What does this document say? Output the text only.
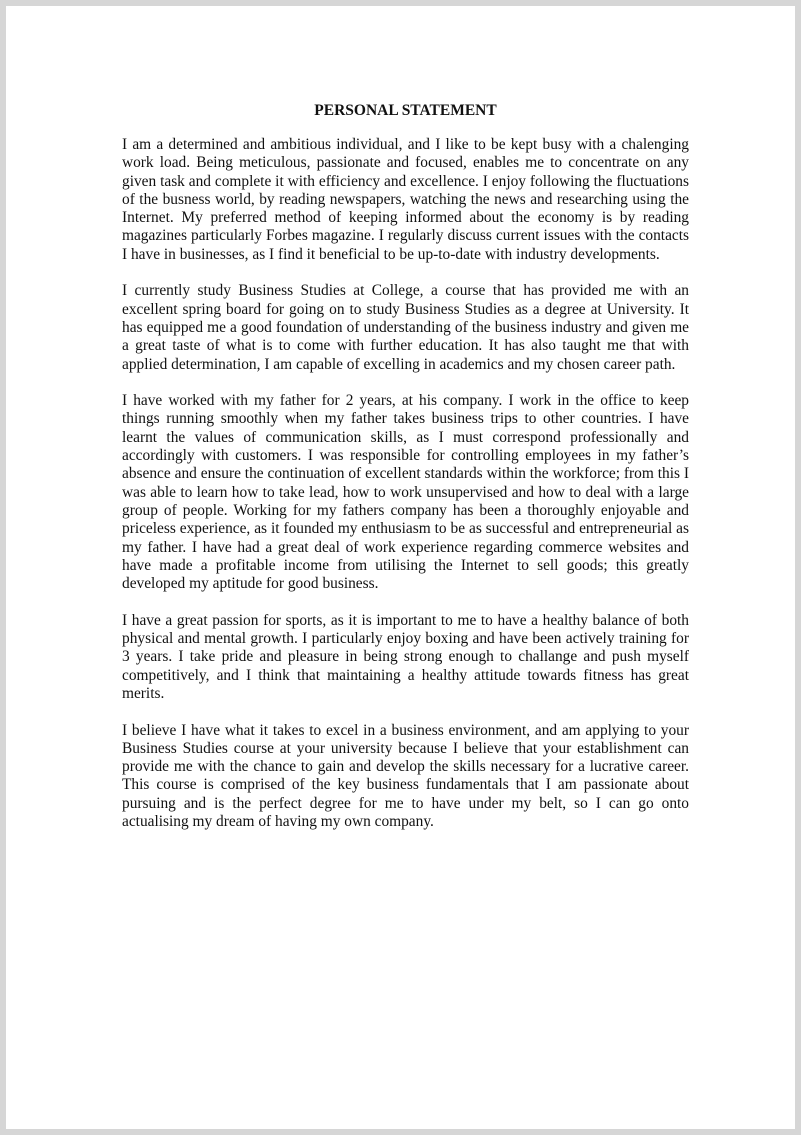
PERSONAL STATEMENT

I am a determined and ambitious individual, and I like to be kept busy with a chalenging work load. Being meticulous, passionate and focused, enables me to concentrate on any given task and complete it with efficiency and excellence. I enjoy following the fluctuations of the busness world, by reading newspapers, watching the news and researching using the Internet. My preferred method of keeping informed about the economy is by reading magazines particularly Forbes magazine. I regularly discuss current issues with the contacts I have in businesses, as I find it beneficial to be up-to-date with industry developments.

I currently study Business Studies at College, a course that has provided me with an excellent spring board for going on to study Business Studies as a degree at University. It has equipped me a good foundation of understanding of the business industry and given me a great taste of what is to come with further education. It has also taught me that with applied determination, I am capable of excelling in academics and my chosen career path.

I have worked with my father for 2 years, at his company. I work in the office to keep things running smoothly when my father takes business trips to other countries. I have learnt the values of communication skills, as I must correspond professionally and accordingly with customers. I was responsible for controlling employees in my father’s absence and ensure the continuation of excellent standards within the workforce; from this I was able to learn how to take lead, how to work unsupervised and how to deal with a large group of people. Working for my fathers company has been a thoroughly enjoyable and priceless experience, as it founded my enthusiasm to be as successful and entrepreneurial as my father. I have had a great deal of work experience regarding commerce websites and have made a profitable income from utilising the Internet to sell goods; this greatly developed my aptitude for good business.

I have a great passion for sports, as it is important to me to have a healthy balance of both physical and mental growth. I particularly enjoy boxing and have been actively training for 3 years. I take pride and pleasure in being strong enough to challange and push myself competitively, and I think that maintaining a healthy attitude towards fitness has great merits.

I believe I have what it takes to excel in a business environment, and am applying to your Business Studies course at your university because I believe that your establishment can provide me with the chance to gain and develop the skills necessary for a lucrative career. This course is comprised of the key business fundamentals that I am passionate about pursuing and is the perfect degree for me to have under my belt, so I can go onto actualising my dream of having my own company.
